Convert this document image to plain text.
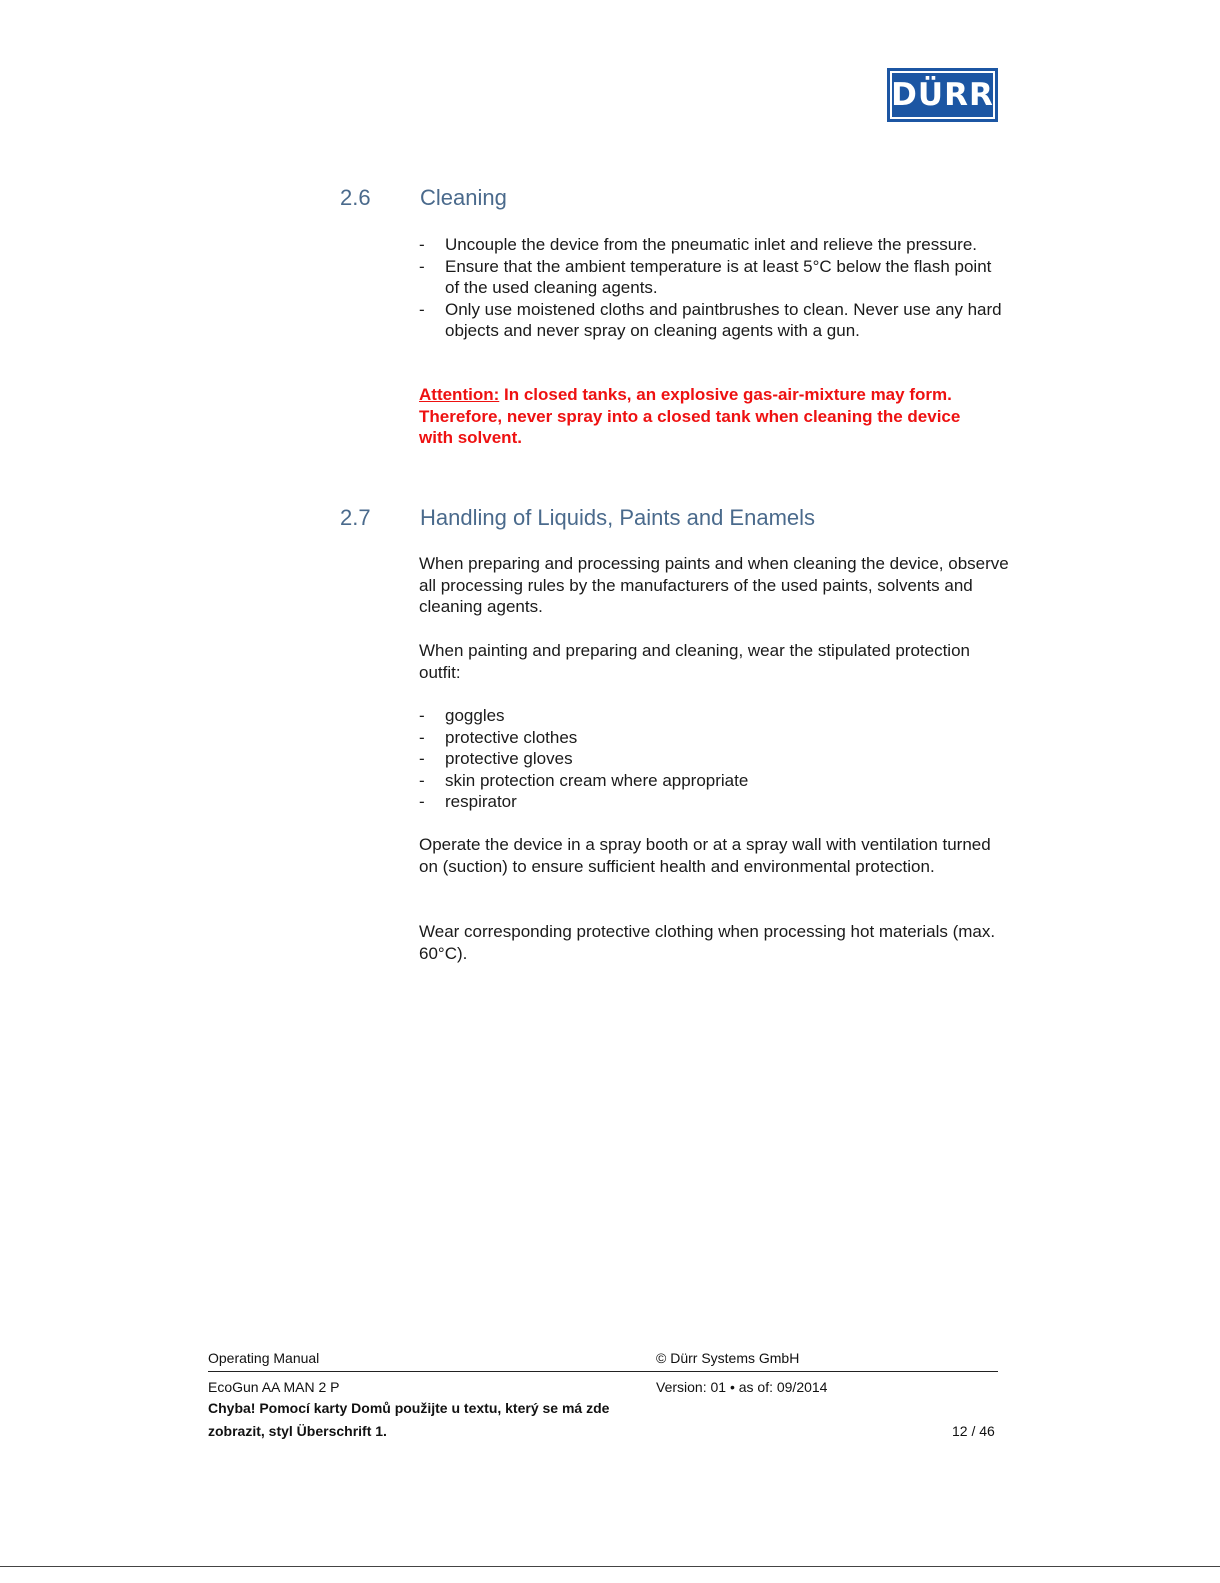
DÜRR
2.6 Cleaning
- Uncouple the device from the pneumatic inlet and relieve the pressure.
- Ensure that the ambient temperature is at least 5°C below the flash point of the used cleaning agents.
- Only use moistened cloths and paintbrushes to clean. Never use any hard objects and never spray on cleaning agents with a gun.

Attention: In closed tanks, an explosive gas-air-mixture may form. Therefore, never spray into a closed tank when cleaning the device with solvent.

2.7 Handling of Liquids, Paints and Enamels

When preparing and processing paints and when cleaning the device, observe all processing rules by the manufacturers of the used paints, solvents and cleaning agents.

When painting and preparing and cleaning, wear the stipulated protection outfit:

- goggles
- protective clothes
- protective gloves
- skin protection cream where appropriate
- respirator

Operate the device in a spray booth or at a spray wall with ventilation turned on (suction) to ensure sufficient health and environmental protection.

Wear corresponding protective clothing when processing hot materials (max. 60°C).

Operating Manual	© Dürr Systems GmbH
EcoGun AA MAN 2 P	Version: 01 • as of: 09/2014
Chyba! Pomocí karty Domů použijte u textu, který se má zde zobrazit, styl Überschrift 1.	12 / 46
